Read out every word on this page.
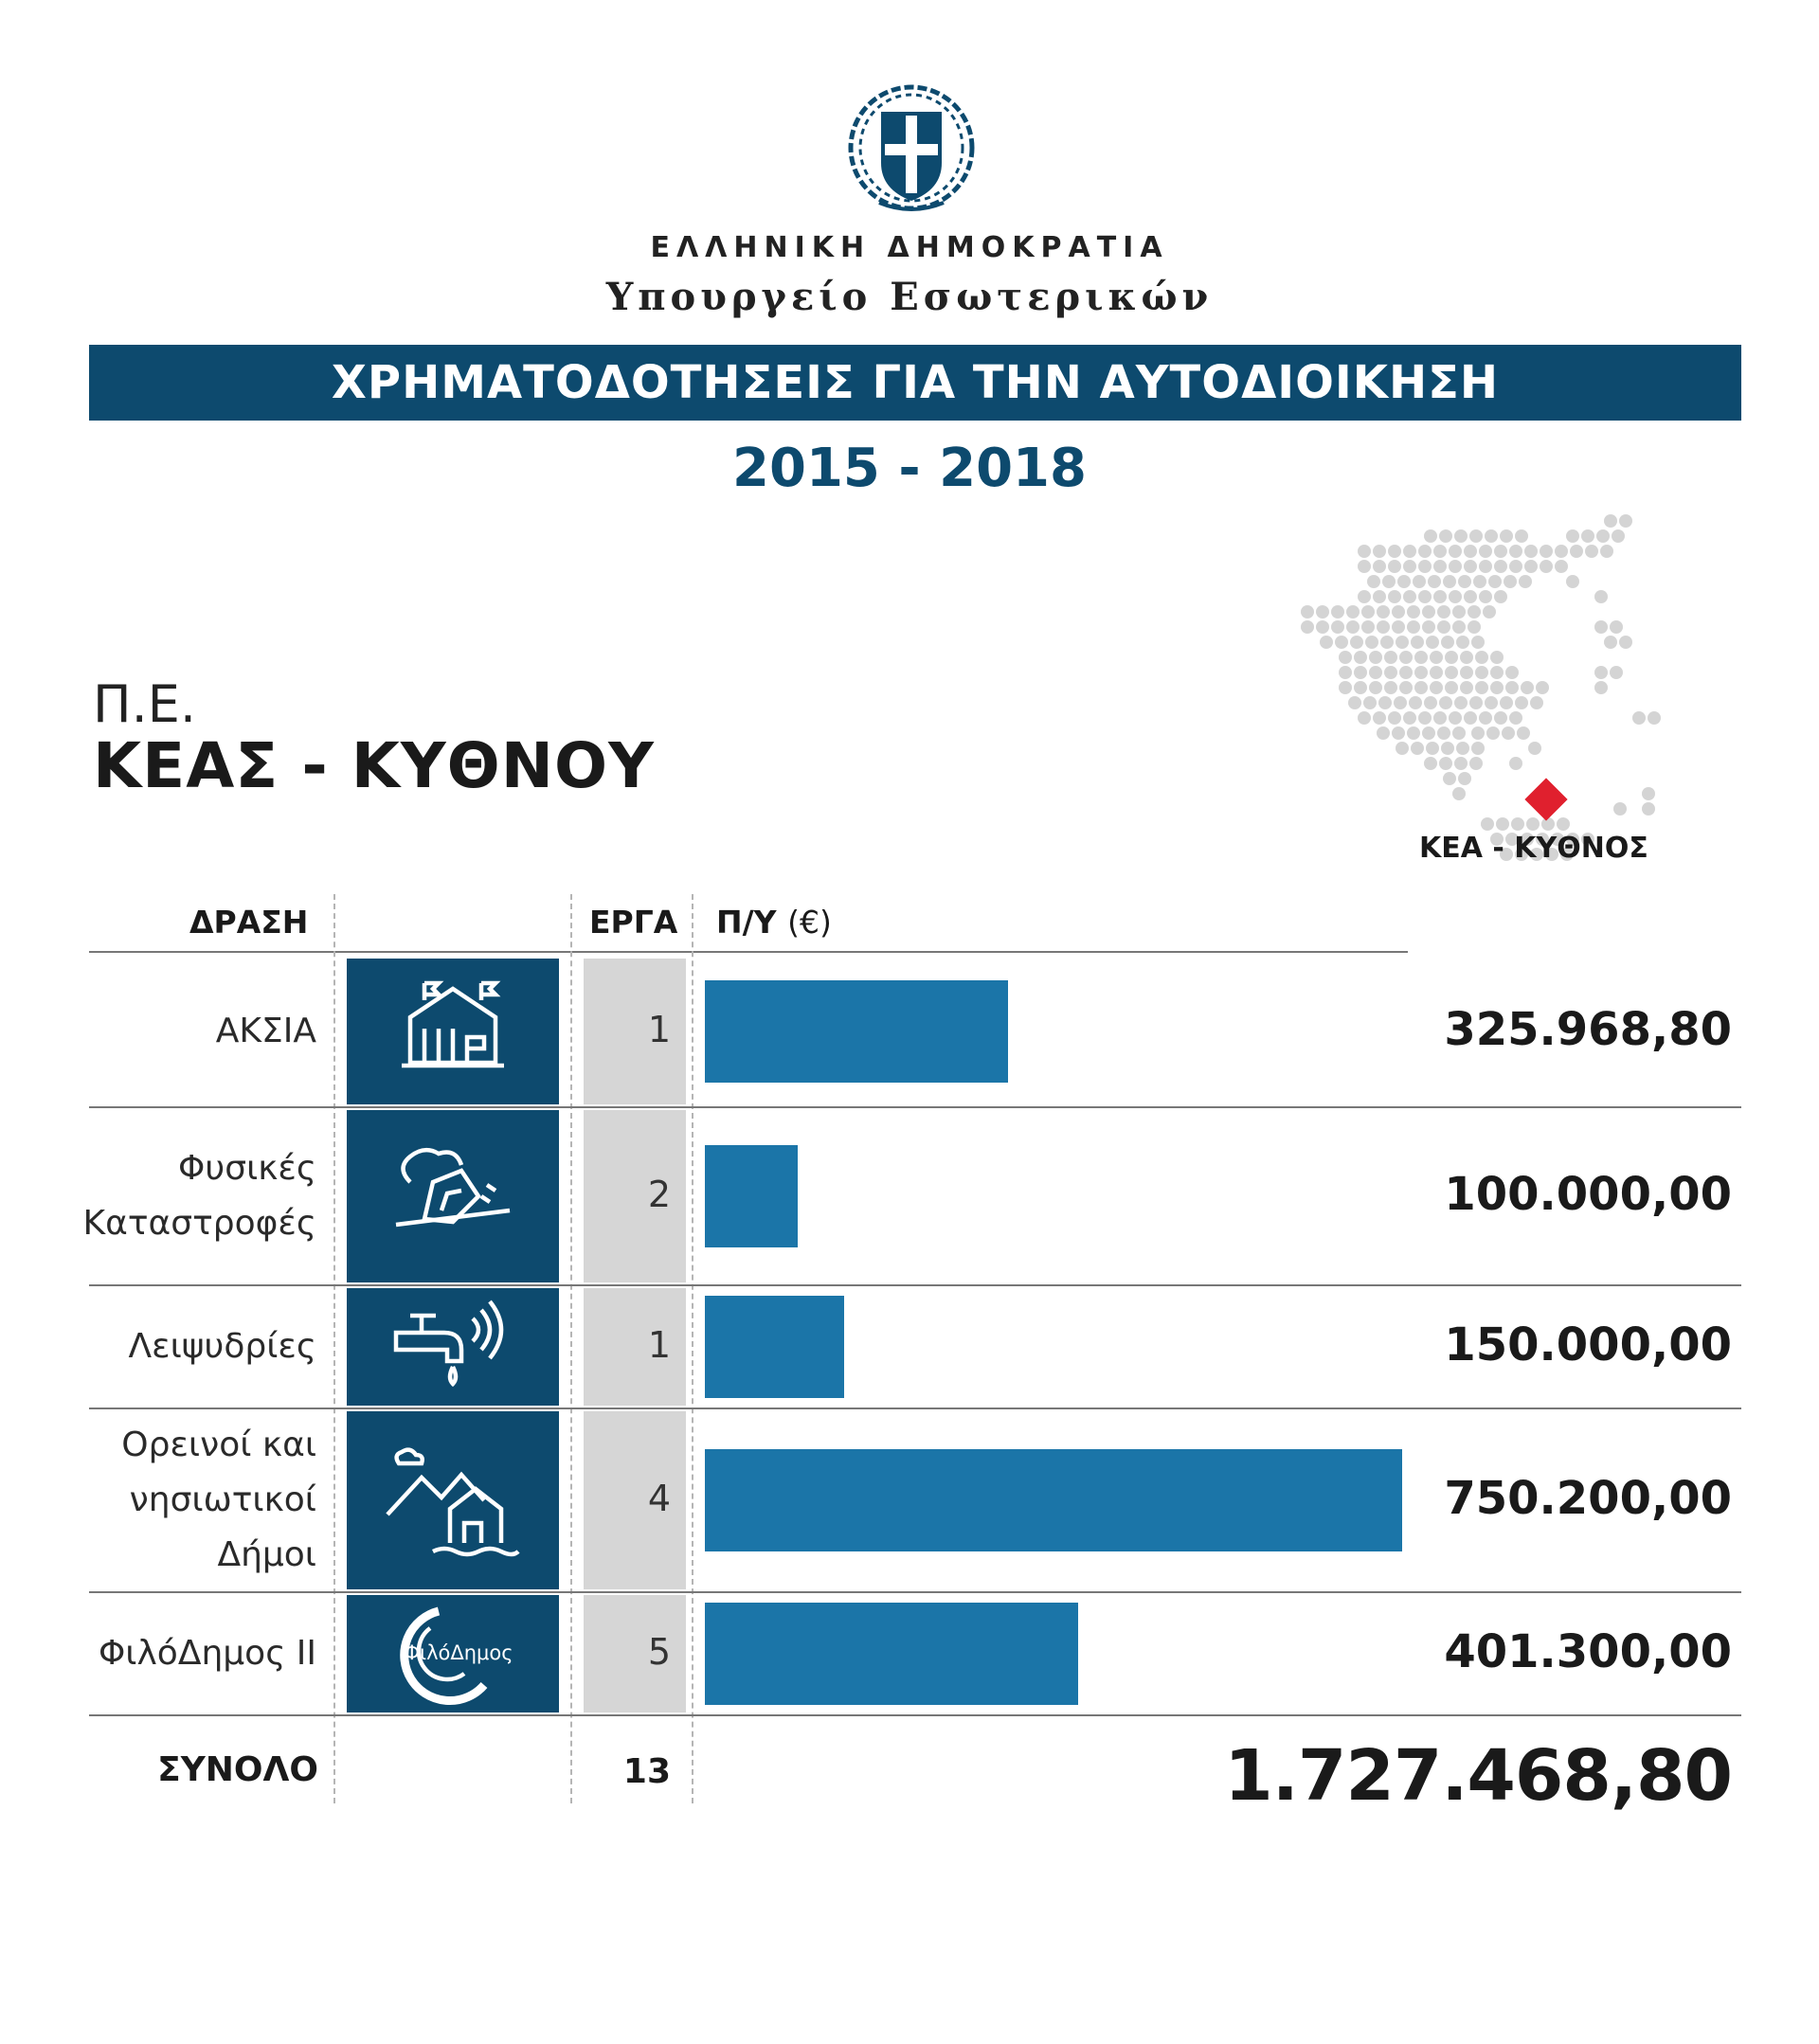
ΕΛΛΗΝΙΚΗ ΔΗΜΟΚΡΑΤΙΑ
Υπουργείο Εσωτερικών
ΧΡΗΜΑΤΟΔΟΤΗΣΕΙΣ ΓΙΑ ΤΗΝ ΑΥΤΟΔΙΟΙΚΗΣΗ
2015 - 2018
Π.Ε.
ΚΕΑΣ - ΚΥΘΝΟΥ
ΚΕΑ - ΚΥΘΝΟΣ
ΔΡΑΣΗ	ΕΡΓΑ Π/Υ (€)
ΑΚΣΙΑ	1	325.968,80
Φυσικές
Καταστροφές
2	100.000,00
Λειψυδρίες	1	150.000,00
Ορεινοί και
νησιωτικοί
Δήμοι
4	750.200,00
ΦιλόΔημος ΙΙ	ΦιλόΔημος	5	401.300,00
ΣΥΝΟΛΟ	13	1.727.468,80
